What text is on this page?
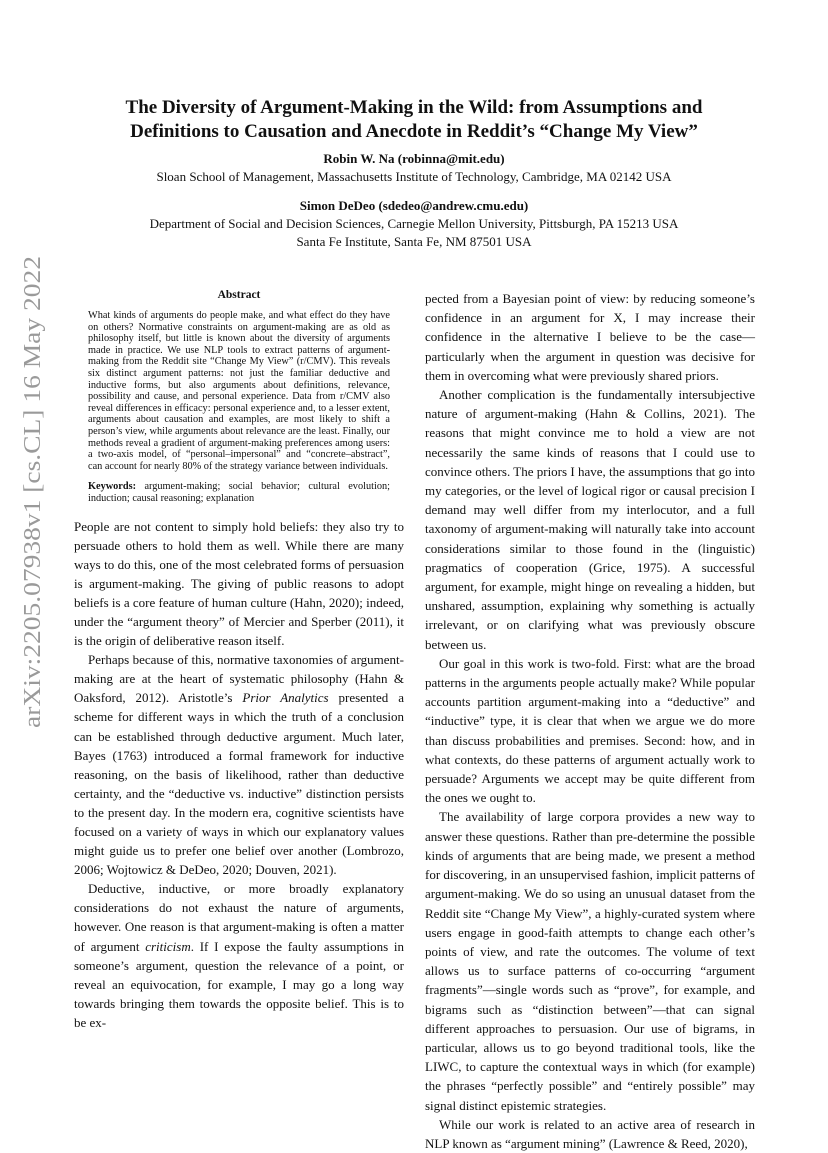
arXiv:2205.07938v1 [cs.CL] 16 May 2022
The Diversity of Argument-Making in the Wild: from Assumptions and
Definitions to Causation and Anecdote in Reddit’s “Change My View”
Robin W. Na (robinna@mit.edu)
Sloan School of Management, Massachusetts Institute of Technology, Cambridge, MA 02142 USA
Simon DeDeo (sdedeo@andrew.cmu.edu)
Department of Social and Decision Sciences, Carnegie Mellon University, Pittsburgh, PA 15213 USA
Santa Fe Institute, Santa Fe, NM 87501 USA
Abstract
What kinds of arguments do people make, and what effect do they have on others? Normative constraints on argument-making are as old as philosophy itself, but little is known about the diversity of arguments made in practice. We use NLP tools to extract patterns of argument-making from the Reddit site “Change My View” (r/CMV). This reveals six distinct argument patterns: not just the familiar deductive and inductive forms, but also arguments about definitions, relevance, possibility and cause, and personal experience. Data from r/CMV also reveal differences in efficacy: personal experience and, to a lesser extent, arguments about causation and examples, are most likely to shift a person’s view, while arguments about relevance are the least. Finally, our methods reveal a gradient of argument-making preferences among users: a two-axis model, of “personal–impersonal” and “concrete–abstract”, can account for nearly 80% of the strategy variance between individuals.
Keywords: argument-making; social behavior; cultural evolution; induction; causal reasoning; explanation

People are not content to simply hold beliefs: they also try to persuade others to hold them as well. While there are many ways to do this, one of the most celebrated forms of persuasion is argument-making. The giving of public reasons to adopt beliefs is a core feature of human culture (Hahn, 2020); indeed, under the “argument theory” of Mercier and Sperber (2011), it is the origin of deliberative reason itself.

Perhaps because of this, normative taxonomies of argument-making are at the heart of systematic philosophy (Hahn & Oaksford, 2012). Aristotle’s Prior Analytics presented a scheme for different ways in which the truth of a conclusion can be established through deductive argument. Much later, Bayes (1763) introduced a formal framework for inductive reasoning, on the basis of likelihood, rather than deductive certainty, and the “deductive vs. inductive” distinction persists to the present day. In the modern era, cognitive scientists have focused on a variety of ways in which our explanatory values might guide us to prefer one belief over another (Lombrozo, 2006; Wojtowicz & DeDeo, 2020; Douven, 2021).

Deductive, inductive, or more broadly explanatory considerations do not exhaust the nature of arguments, however. One reason is that argument-making is often a matter of argument criticism. If I expose the faulty assumptions in someone’s argument, question the relevance of a point, or reveal an equivocation, for example, I may go a long way towards bringing them towards the opposite belief. This is to be ex-

pected from a Bayesian point of view: by reducing someone’s confidence in an argument for X, I may increase their confidence in the alternative I believe to be the case—particularly when the argument in question was decisive for them in overcoming what were previously shared priors.

Another complication is the fundamentally intersubjective nature of argument-making (Hahn & Collins, 2021). The reasons that might convince me to hold a view are not necessarily the same kinds of reasons that I could use to convince others. The priors I have, the assumptions that go into my categories, or the level of logical rigor or causal precision I demand may well differ from my interlocutor, and a full taxonomy of argument-making will naturally take into account considerations similar to those found in the (linguistic) pragmatics of cooperation (Grice, 1975). A successful argument, for example, might hinge on revealing a hidden, but unshared, assumption, explaining why something is actually irrelevant, or on clarifying what was previously obscure between us.

Our goal in this work is two-fold. First: what are the broad patterns in the arguments people actually make? While popular accounts partition argument-making into a “deductive” and “inductive” type, it is clear that when we argue we do more than discuss probabilities and premises. Second: how, and in what contexts, do these patterns of argument actually work to persuade? Arguments we accept may be quite different from the ones we ought to.

The availability of large corpora provides a new way to answer these questions. Rather than pre-determine the possible kinds of arguments that are being made, we present a method for discovering, in an unsupervised fashion, implicit patterns of argument-making. We do so using an unusual dataset from the Reddit site “Change My View”, a highly-curated system where users engage in good-faith attempts to change each other’s points of view, and rate the outcomes. The volume of text allows us to surface patterns of co-occurring “argument fragments”—single words such as “prove”, for example, and bigrams such as “distinction between”—that can signal different approaches to persuasion. Our use of bigrams, in particular, allows us to go beyond traditional tools, like the LIWC, to capture the contextual ways in which (for example) the phrases “perfectly possible” and “entirely possible” may signal distinct epistemic strategies.

While our work is related to an active area of research in NLP known as “argument mining” (Lawrence & Reed, 2020),
